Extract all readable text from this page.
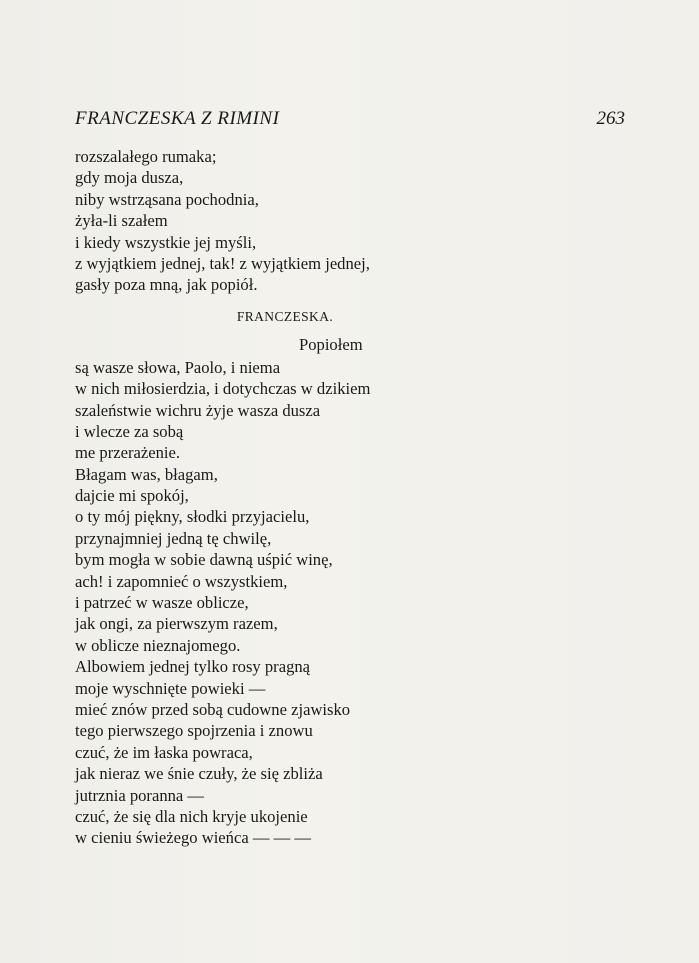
FRANCZESKA Z RIMINI	263
rozszalałego rumaka;
gdy moja dusza,
niby wstrząsana pochodnia,
żyła-li szałem
i kiedy wszystkie jej myśli,
z wyjątkiem jednej, tak! z wyjątkiem jednej,
gasły poza mną, jak popiół.
FRANCZESKA.
Popiołem
są wasze słowa, Paolo, i niema
w nich miłosierdzia, i dotychczas w dzikiem
szaleństwie wichru żyje wasza dusza
i wlecze za sobą
me przerażenie.
Błagam was, błagam,
dajcie mi spokój,
o ty mój piękny, słodki przyjacielu,
przynajmniej jedną tę chwilę,
bym mogła w sobie dawną uśpić winę,
ach! i zapomnieć o wszystkiem,
i patrzeć w wasze oblicze,
jak ongi, za pierwszym razem,
w oblicze nieznajomego.
Albowiem jednej tylko rosy pragną
moje wyschnięte powieki —
mieć znów przed sobą cudowne zjawisko
tego pierwszego spojrzenia i znowu
czuć, że im łaska powraca,
jak nieraz we śnie czuły, że się zbliża
jutrznia poranna —
czuć, że się dla nich kryje ukojenie
w cieniu świeżego wieńca — — —
